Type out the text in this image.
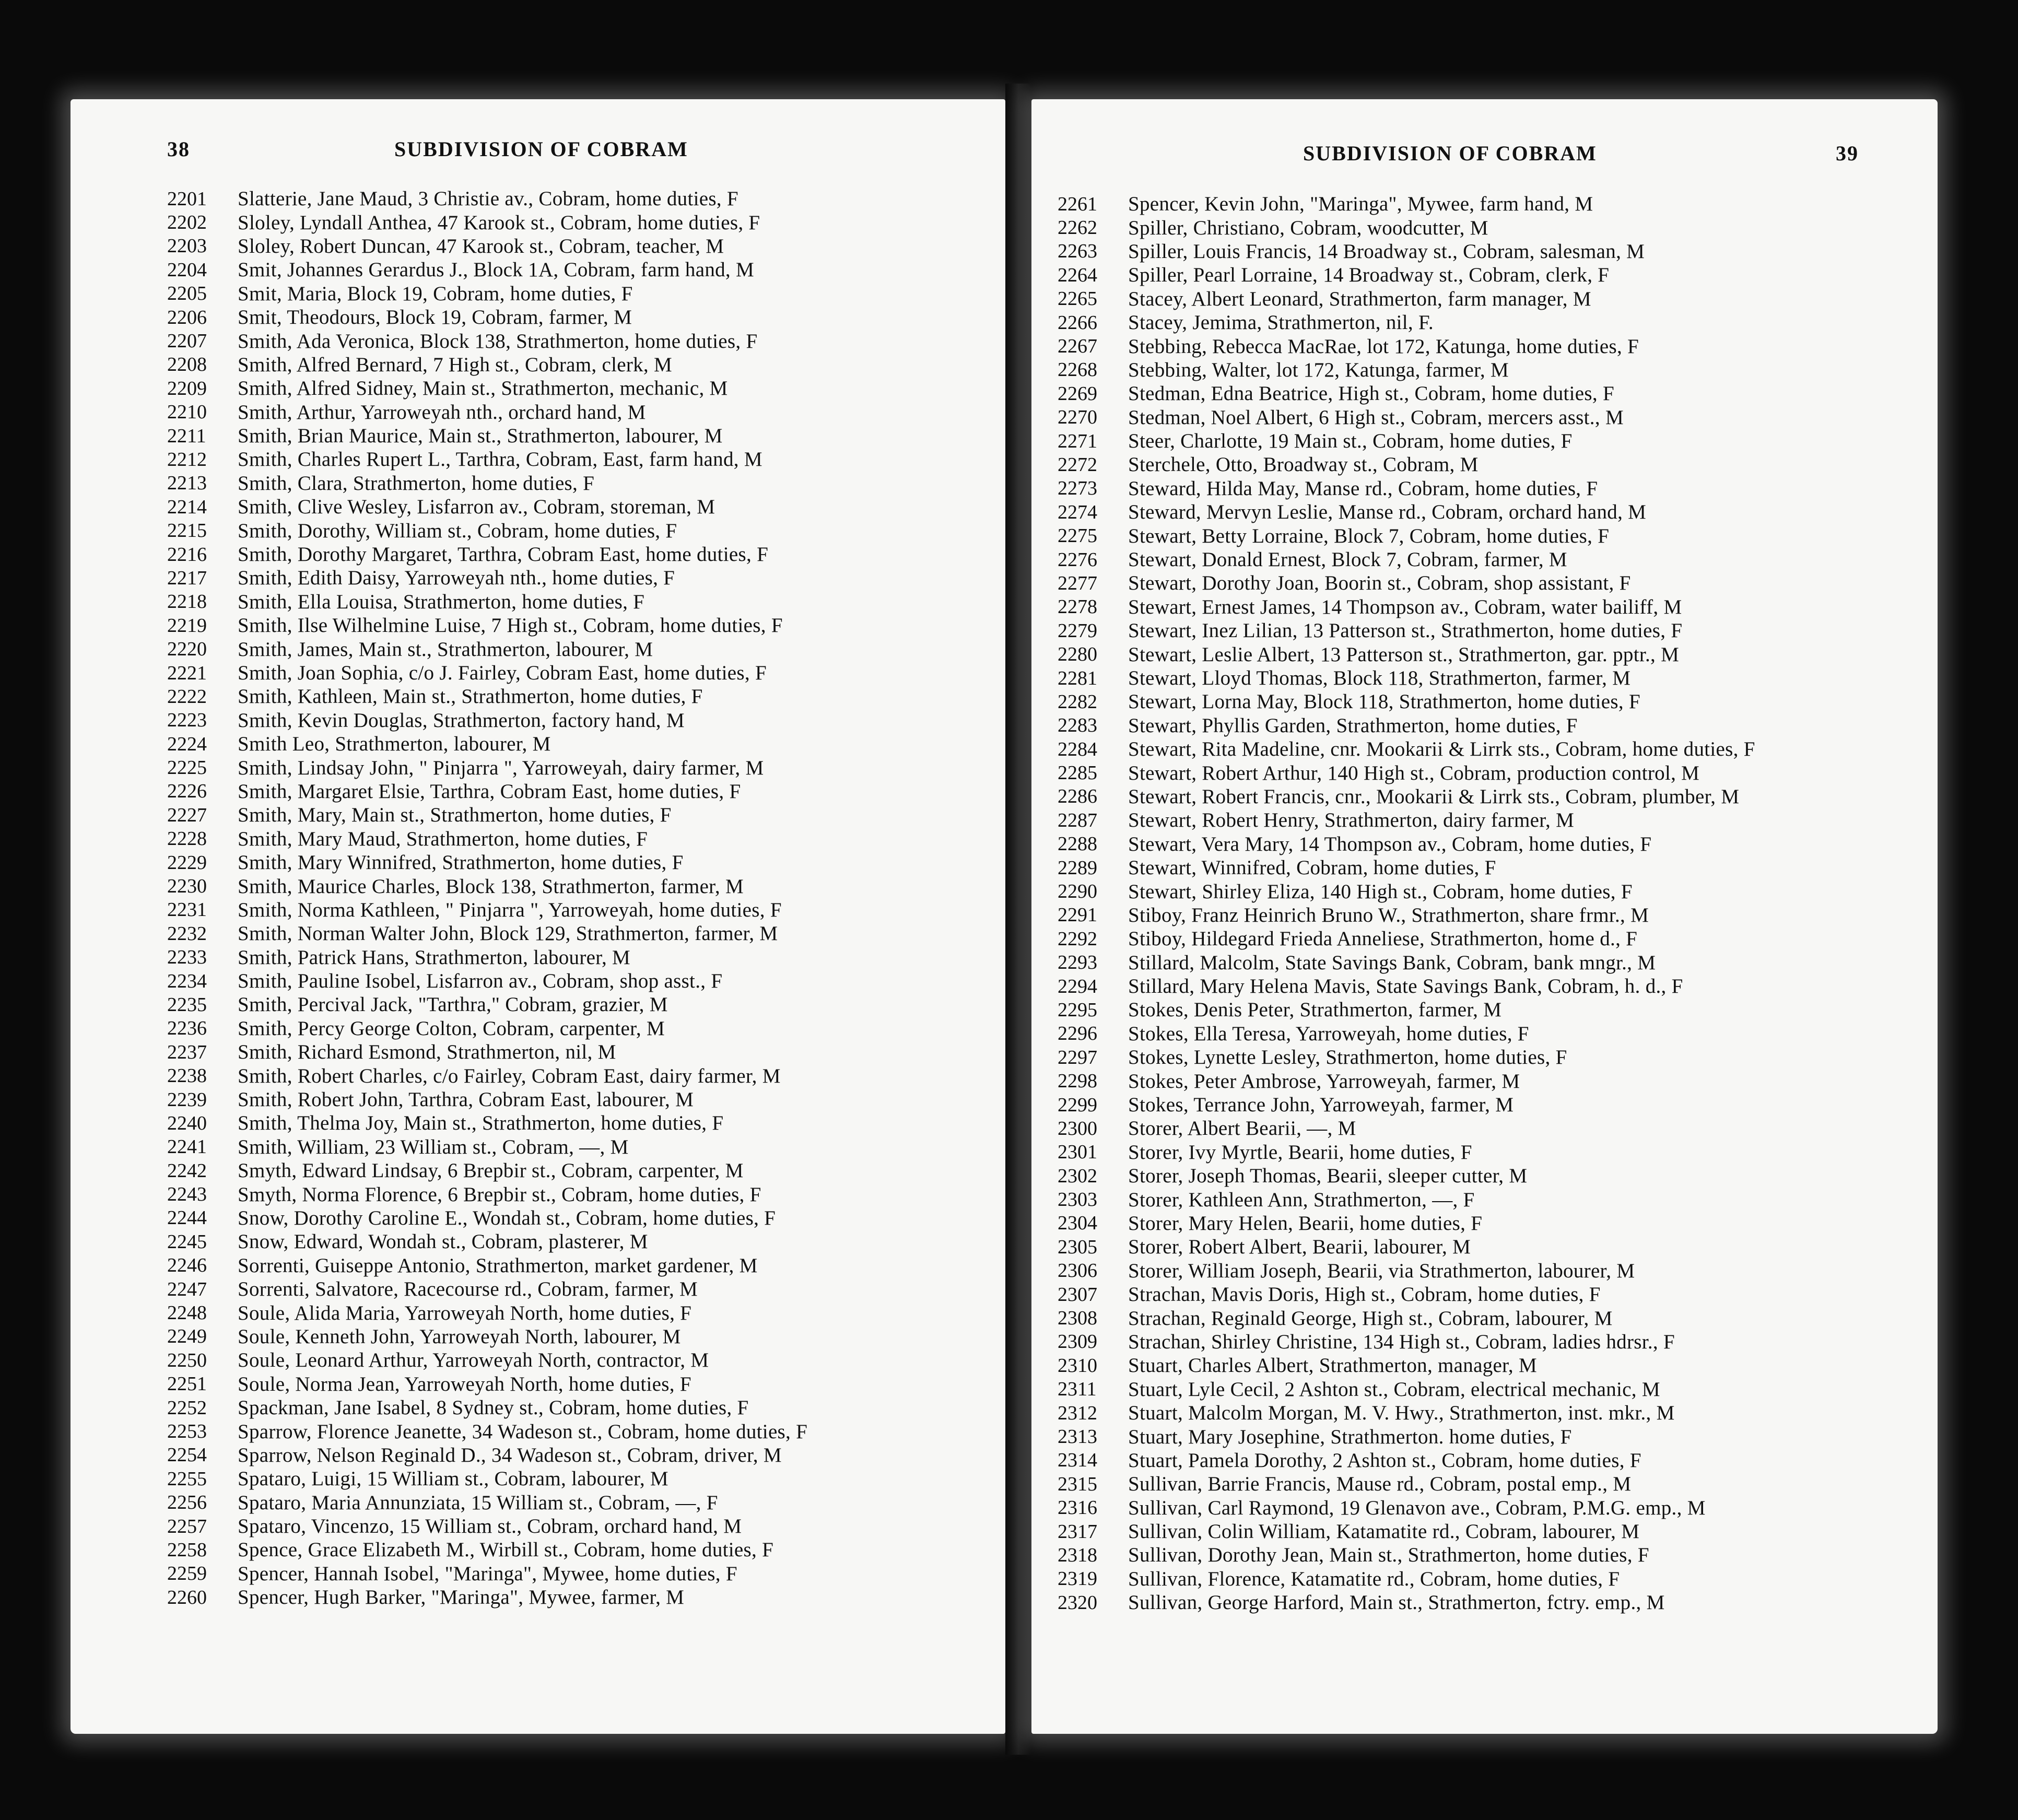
38	SUBDIVISION OF COBRAM
2201	Slatterie, Jane Maud, 3 Christie av., Cobram, home duties, F
2202	Sloley, Lyndall Anthea, 47 Karook st., Cobram, home duties, F
2203	Sloley, Robert Duncan, 47 Karook st., Cobram, teacher, M
2204	Smit, Johannes Gerardus J., Block 1A, Cobram, farm hand, M
2205	Smit, Maria, Block 19, Cobram, home duties, F
2206	Smit, Theodours, Block 19, Cobram, farmer, M
2207	Smith, Ada Veronica, Block 138, Strathmerton, home duties, F
2208	Smith, Alfred Bernard, 7 High st., Cobram, clerk, M
2209	Smith, Alfred Sidney, Main st., Strathmerton, mechanic, M
2210	Smith, Arthur, Yarroweyah nth., orchard hand, M
2211	Smith, Brian Maurice, Main st., Strathmerton, labourer, M
2212	Smith, Charles Rupert L., Tarthra, Cobram, East, farm hand, M
2213	Smith, Clara, Strathmerton, home duties, F
2214	Smith, Clive Wesley, Lisfarron av., Cobram, storeman, M
2215	Smith, Dorothy, William st., Cobram, home duties, F
2216	Smith, Dorothy Margaret, Tarthra, Cobram East, home duties, F
2217	Smith, Edith Daisy, Yarroweyah nth., home duties, F
2218	Smith, Ella Louisa, Strathmerton, home duties, F
2219	Smith, Ilse Wilhelmine Luise, 7 High st., Cobram, home duties, F
2220	Smith, James, Main st., Strathmerton, labourer, M
2221	Smith, Joan Sophia, c/o J. Fairley, Cobram East, home duties, F
2222	Smith, Kathleen, Main st., Strathmerton, home duties, F
2223	Smith, Kevin Douglas, Strathmerton, factory hand, M
2224	Smith Leo, Strathmerton, labourer, M
2225	Smith, Lindsay John, " Pinjarra ", Yarroweyah, dairy farmer, M
2226	Smith, Margaret Elsie, Tarthra, Cobram East, home duties, F
2227	Smith, Mary, Main st., Strathmerton, home duties, F
2228	Smith, Mary Maud, Strathmerton, home duties, F
2229	Smith, Mary Winnifred, Strathmerton, home duties, F
2230	Smith, Maurice Charles, Block 138, Strathmerton, farmer, M
2231	Smith, Norma Kathleen, " Pinjarra ", Yarroweyah, home duties, F
2232	Smith, Norman Walter John, Block 129, Strathmerton, farmer, M
2233	Smith, Patrick Hans, Strathmerton, labourer, M
2234	Smith, Pauline Isobel, Lisfarron av., Cobram, shop asst., F
2235	Smith, Percival Jack, "Tarthra," Cobram, grazier, M
2236	Smith, Percy George Colton, Cobram, carpenter, M
2237	Smith, Richard Esmond, Strathmerton, nil, M
2238	Smith, Robert Charles, c/o Fairley, Cobram East, dairy farmer, M
2239	Smith, Robert John, Tarthra, Cobram East, labourer, M
2240	Smith, Thelma Joy, Main st., Strathmerton, home duties, F
2241	Smith, William, 23 William st., Cobram, —, M
2242	Smyth, Edward Lindsay, 6 Brepbir st., Cobram, carpenter, M
2243	Smyth, Norma Florence, 6 Brepbir st., Cobram, home duties, F
2244	Snow, Dorothy Caroline E., Wondah st., Cobram, home duties, F
2245	Snow, Edward, Wondah st., Cobram, plasterer, M
2246	Sorrenti, Guiseppe Antonio, Strathmerton, market gardener, M
2247	Sorrenti, Salvatore, Racecourse rd., Cobram, farmer, M
2248	Soule, Alida Maria, Yarroweyah North, home duties, F
2249	Soule, Kenneth John, Yarroweyah North, labourer, M
2250	Soule, Leonard Arthur, Yarroweyah North, contractor, M
2251	Soule, Norma Jean, Yarroweyah North, home duties, F
2252	Spackman, Jane Isabel, 8 Sydney st., Cobram, home duties, F
2253	Sparrow, Florence Jeanette, 34 Wadeson st., Cobram, home duties, F
2254	Sparrow, Nelson Reginald D., 34 Wadeson st., Cobram, driver, M
2255	Spataro, Luigi, 15 William st., Cobram, labourer, M
2256	Spataro, Maria Annunziata, 15 William st., Cobram, —, F
2257	Spataro, Vincenzo, 15 William st., Cobram, orchard hand, M
2258	Spence, Grace Elizabeth M., Wirbill st., Cobram, home duties, F
2259	Spencer, Hannah Isobel, "Maringa", Mywee, home duties, F
2260	Spencer, Hugh Barker, "Maringa", Mywee, farmer, M
SUBDIVISION OF COBRAM	39
2261	Spencer, Kevin John, "Maringa", Mywee, farm hand, M
2262	Spiller, Christiano, Cobram, woodcutter, M
2263	Spiller, Louis Francis, 14 Broadway st., Cobram, salesman, M
2264	Spiller, Pearl Lorraine, 14 Broadway st., Cobram, clerk, F
2265	Stacey, Albert Leonard, Strathmerton, farm manager, M
2266	Stacey, Jemima, Strathmerton, nil, F.
2267	Stebbing, Rebecca MacRae, lot 172, Katunga, home duties, F
2268	Stebbing, Walter, lot 172, Katunga, farmer, M
2269	Stedman, Edna Beatrice, High st., Cobram, home duties, F
2270	Stedman, Noel Albert, 6 High st., Cobram, mercers asst., M
2271	Steer, Charlotte, 19 Main st., Cobram, home duties, F
2272	Sterchele, Otto, Broadway st., Cobram, M
2273	Steward, Hilda May, Manse rd., Cobram, home duties, F
2274	Steward, Mervyn Leslie, Manse rd., Cobram, orchard hand, M
2275	Stewart, Betty Lorraine, Block 7, Cobram, home duties, F
2276	Stewart, Donald Ernest, Block 7, Cobram, farmer, M
2277	Stewart, Dorothy Joan, Boorin st., Cobram, shop assistant, F
2278	Stewart, Ernest James, 14 Thompson av., Cobram, water bailiff, M
2279	Stewart, Inez Lilian, 13 Patterson st., Strathmerton, home duties, F
2280	Stewart, Leslie Albert, 13 Patterson st., Strathmerton, gar. pptr., M
2281	Stewart, Lloyd Thomas, Block 118, Strathmerton, farmer, M
2282	Stewart, Lorna May, Block 118, Strathmerton, home duties, F
2283	Stewart, Phyllis Garden, Strathmerton, home duties, F
2284	Stewart, Rita Madeline, cnr. Mookarii & Lirrk sts., Cobram, home duties, F
2285	Stewart, Robert Arthur, 140 High st., Cobram, production control, M
2286	Stewart, Robert Francis, cnr., Mookarii & Lirrk sts., Cobram, plumber, M
2287	Stewart, Robert Henry, Strathmerton, dairy farmer, M
2288	Stewart, Vera Mary, 14 Thompson av., Cobram, home duties, F
2289	Stewart, Winnifred, Cobram, home duties, F
2290	Stewart, Shirley Eliza, 140 High st., Cobram, home duties, F
2291	Stiboy, Franz Heinrich Bruno W., Strathmerton, share frmr., M
2292	Stiboy, Hildegard Frieda Anneliese, Strathmerton, home d., F
2293	Stillard, Malcolm, State Savings Bank, Cobram, bank mngr., M
2294	Stillard, Mary Helena Mavis, State Savings Bank, Cobram, h. d., F
2295	Stokes, Denis Peter, Strathmerton, farmer, M
2296	Stokes, Ella Teresa, Yarroweyah, home duties, F
2297	Stokes, Lynette Lesley, Strathmerton, home duties, F
2298	Stokes, Peter Ambrose, Yarroweyah, farmer, M
2299	Stokes, Terrance John, Yarroweyah, farmer, M
2300	Storer, Albert Bearii, —, M
2301	Storer, Ivy Myrtle, Bearii, home duties, F
2302	Storer, Joseph Thomas, Bearii, sleeper cutter, M
2303	Storer, Kathleen Ann, Strathmerton, —, F
2304	Storer, Mary Helen, Bearii, home duties, F
2305	Storer, Robert Albert, Bearii, labourer, M
2306	Storer, William Joseph, Bearii, via Strathmerton, labourer, M
2307	Strachan, Mavis Doris, High st., Cobram, home duties, F
2308	Strachan, Reginald George, High st., Cobram, labourer, M
2309	Strachan, Shirley Christine, 134 High st., Cobram, ladies hdrsr., F
2310	Stuart, Charles Albert, Strathmerton, manager, M
2311	Stuart, Lyle Cecil, 2 Ashton st., Cobram, electrical mechanic, M
2312	Stuart, Malcolm Morgan, M. V. Hwy., Strathmerton, inst. mkr., M
2313	Stuart, Mary Josephine, Strathmerton. home duties, F
2314	Stuart, Pamela Dorothy, 2 Ashton st., Cobram, home duties, F
2315	Sullivan, Barrie Francis, Mause rd., Cobram, postal emp., M
2316	Sullivan, Carl Raymond, 19 Glenavon ave., Cobram, P.M.G. emp., M
2317	Sullivan, Colin William, Katamatite rd., Cobram, labourer, M
2318	Sullivan, Dorothy Jean, Main st., Strathmerton, home duties, F
2319	Sullivan, Florence, Katamatite rd., Cobram, home duties, F
2320	Sullivan, George Harford, Main st., Strathmerton, fctry. emp., M
